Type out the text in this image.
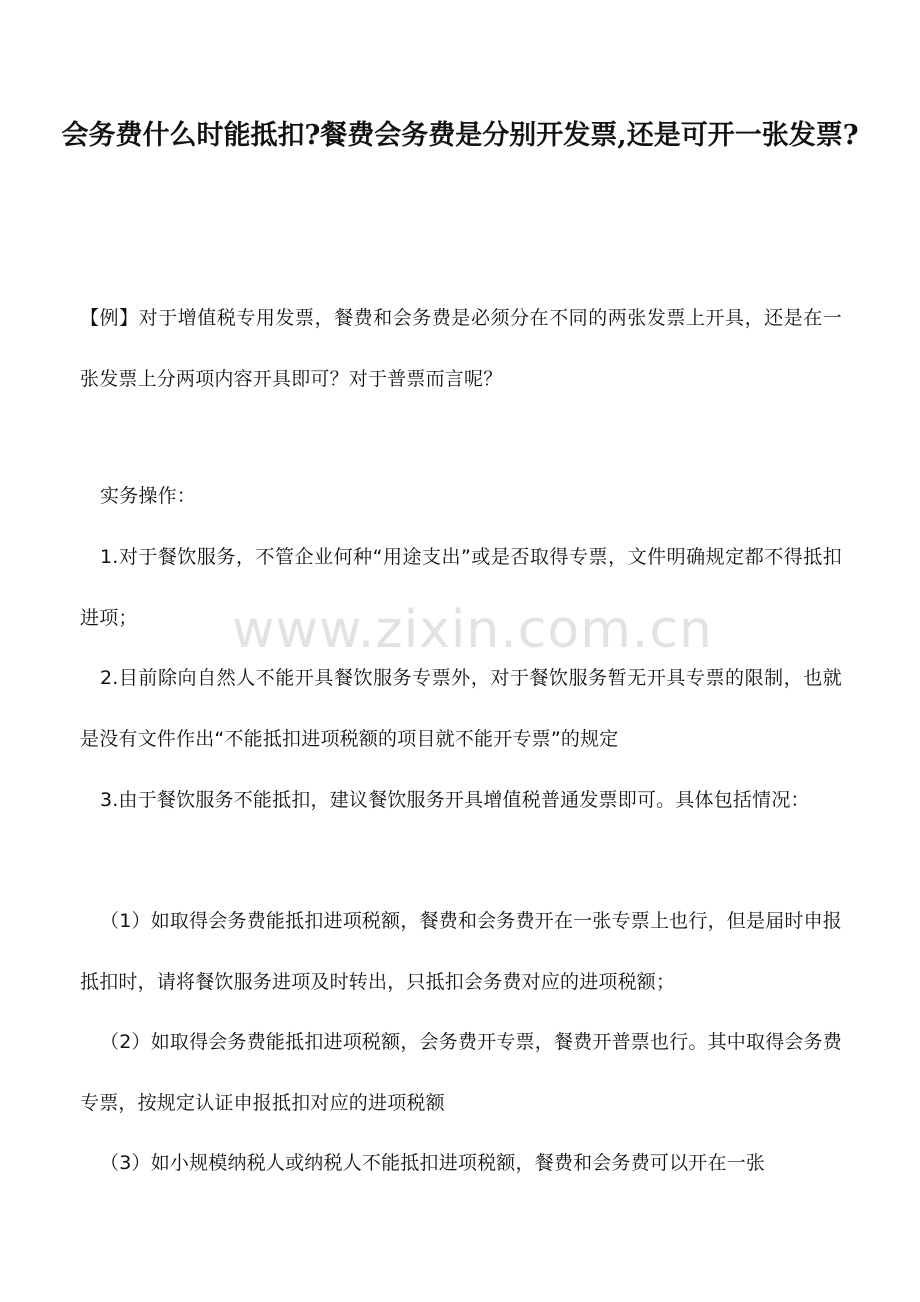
会务费什么时能抵扣?餐费会务费是分别开发票,还是可开一张发票?

【例】对于增值税专用发票，餐费和会务费是必须分在不同的两张发票上开具，还是在一张发票上分两项内容开具即可？对于普票而言呢？

实务操作：

1.对于餐饮服务，不管企业何种“用途支出”或是否取得专票，文件明确规定都不得抵扣进项；

2.目前除向自然人不能开具餐饮服务专票外，对于餐饮服务暂无开具专票的限制，也就是没有文件作出“不能抵扣进项税额的项目就不能开专票”的规定

3.由于餐饮服务不能抵扣，建议餐饮服务开具增值税普通发票即可。具体包括情况：

（1）如取得会务费能抵扣进项税额，餐费和会务费开在一张专票上也行，但是届时申报抵扣时，请将餐饮服务进项及时转出，只抵扣会务费对应的进项税额；

（2）如取得会务费能抵扣进项税额，会务费开专票，餐费开普票也行。其中取得会务费专票，按规定认证申报抵扣对应的进项税额

（3）如小规模纳税人或纳税人不能抵扣进项税额，餐费和会务费可以开在一张

www.zixin.com.cn
